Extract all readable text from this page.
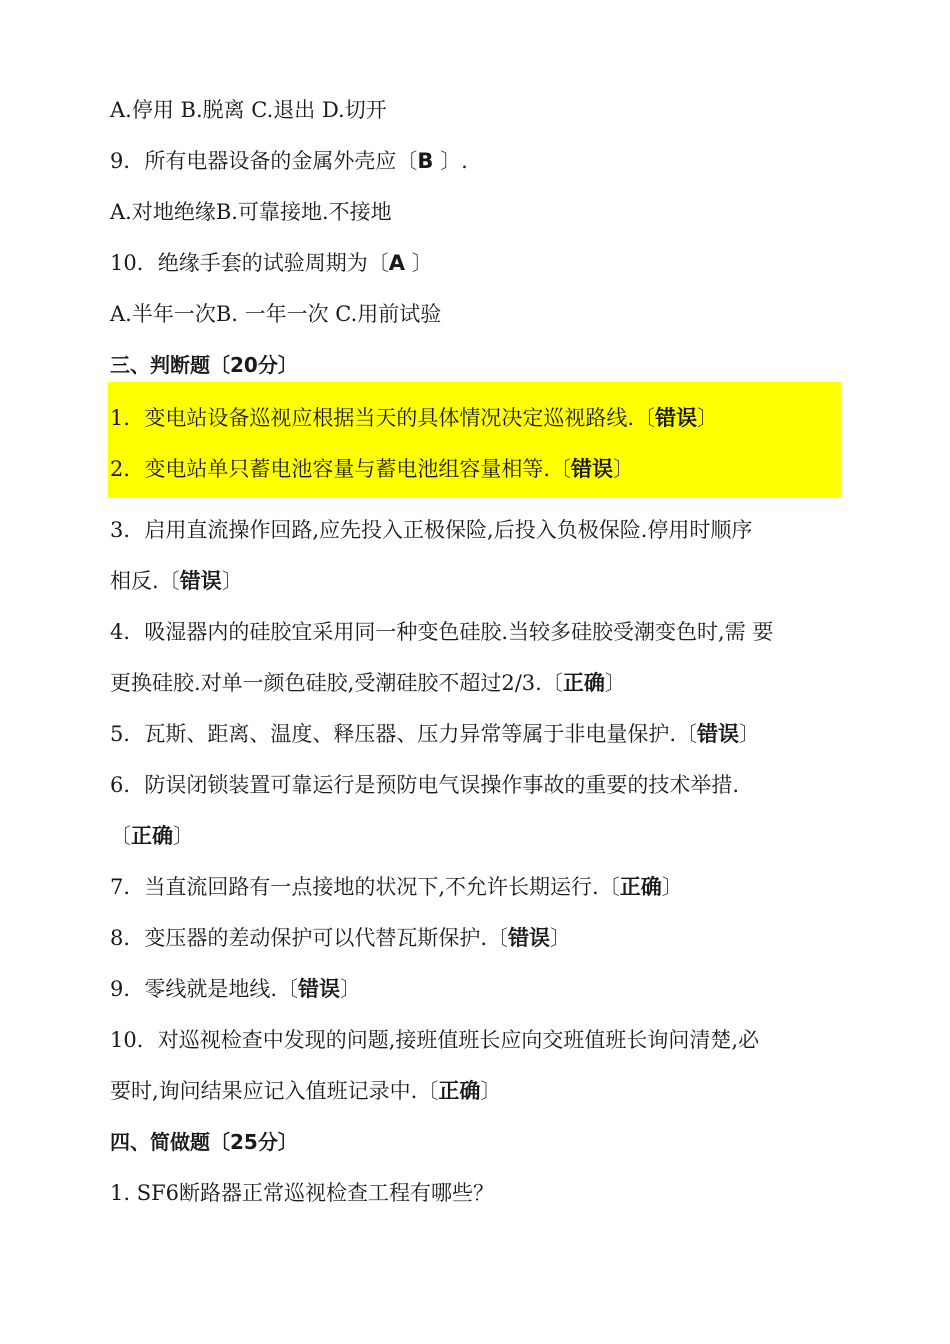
A.停用 B.脱离 C.退出 D.切开
9．所有电器设备的金属外壳应〔B 〕.
A.对地绝缘B.可靠接地.不接地
10．绝缘手套的试验周期为〔A 〕
A.半年一次B. 一年一次 C.用前试验
三、判断题〔20分〕
1．变电站设备巡视应根据当天的具体情况决定巡视路线.〔错误〕
2．变电站单只蓄电池容量与蓄电池组容量相等.〔错误〕
3．启用直流操作回路,应先投入正极保险,后投入负极保险.停用时顺序
相反.〔错误〕
4．吸湿器内的硅胶宜采用同一种变色硅胶.当较多硅胶受潮变色时,需 要
更换硅胶.对单一颜色硅胶,受潮硅胶不超过2/3.〔正确〕
5．瓦斯、距离、温度、释压器、压力异常等属于非电量保护.〔错误〕
6．防误闭锁装置可靠运行是预防电气误操作事故的重要的技术举措.
〔正确〕
7．当直流回路有一点接地的状况下,不允许长期运行.〔正确〕
8．变压器的差动保护可以代替瓦斯保护.〔错误〕
9．零线就是地线.〔错误〕
10．对巡视检查中发现的问题,接班值班长应向交班值班长询问清楚,必
要时,询问结果应记入值班记录中.〔正确〕
四、简做题〔25分〕
1. SF6断路器正常巡视检查工程有哪些？
